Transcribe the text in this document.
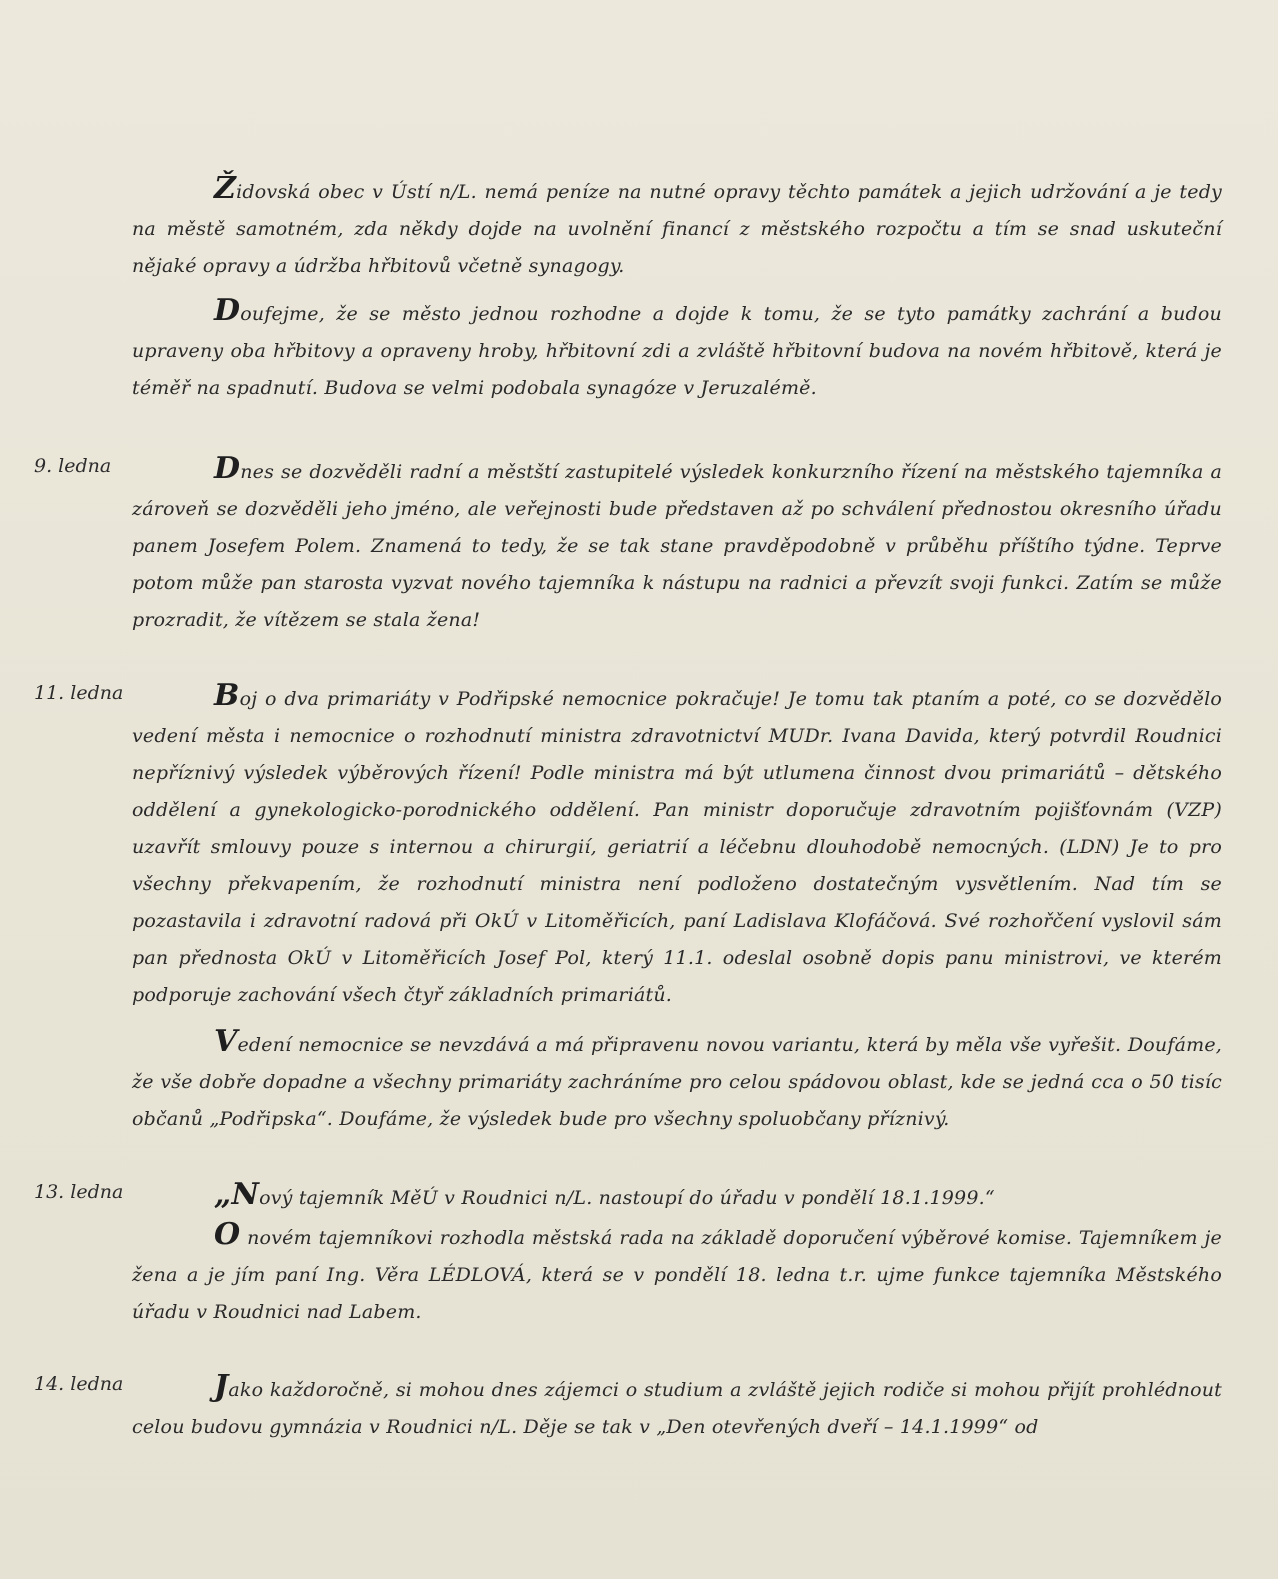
Židovská obec v Ústí n/L. nemá peníze na nutné opravy těchto památek a jejich udržování a je tedy na městě samotném, zda někdy dojde na uvolnění financí z městského rozpočtu a tím se snad uskuteční nějaké opravy a údržba hřbitovů včetně synagogy.

Doufejme, že se město jednou rozhodne a dojde k tomu, že se tyto památky zachrání a budou upraveny oba hřbitovy a opraveny hroby, hřbitovní zdi a zvláště hřbitovní budova na novém hřbitově, která je téměř na spadnutí. Budova se velmi podobala synagóze v Jeruzalémě.

9. ledna	Dnes se dozvěděli radní a městští zastupitelé výsledek konkurzního řízení na městského tajemníka a zároveň se dozvěděli jeho jméno, ale veřejnosti bude představen až po schválení přednostou okresního úřadu panem Josefem Polem. Znamená to tedy, že se tak stane pravděpodobně v průběhu příštího týdne. Teprve potom může pan starosta vyzvat nového tajemníka k nástupu na radnici a převzít svoji funkci. Zatím se může prozradit, že vítězem se stala žena!

11. ledna	Boj o dva primariáty v Podřipské nemocnice pokračuje! Je tomu tak ptaním a poté, co se dozvědělo vedení města i nemocnice o rozhodnutí ministra zdravotnictví MUDr. Ivana Davida, který potvrdil Roudnici nepříznivý výsledek výběrových řízení! Podle ministra má být utlumena činnost dvou primariátů – dětského oddělení a gynekologicko-porodnického oddělení. Pan ministr doporučuje zdravotním pojišťovnám (VZP) uzavřít smlouvy pouze s internou a chirurgií, geriatrií a léčebnu dlouhodobě nemocných. (LDN) Je to pro všechny překvapením, že rozhodnutí ministra není podloženo dostatečným vysvětlením. Nad tím se pozastavila i zdravotní radová při OkÚ v Litoměřicích, paní Ladislava Klofáčová. Své rozhořčení vyslovil sám pan přednosta OkÚ v Litoměřicích Josef Pol, který 11.1. odeslal osobně dopis panu ministrovi, ve kterém podporuje zachování všech čtyř základních primariátů.

Vedení nemocnice se nevzdává a má připravenu novou variantu, která by měla vše vyřešit. Doufáme, že vše dobře dopadne a všechny primariáty zachráníme pro celou spádovou oblast, kde se jedná cca o 50 tisíc občanů „Podřipska“. Doufáme, že výsledek bude pro všechny spoluobčany příznivý.

13. ledna	„Nový tajemník MěÚ v Roudnici n/L. nastoupí do úřadu v pondělí 18.1.1999.“

O novém tajemníkovi rozhodla městská rada na základě doporučení výběrové komise. Tajemníkem je žena a je jím paní Ing. Věra LÉDLOVÁ, která se v pondělí 18. ledna t.r. ujme funkce tajemníka Městského úřadu v Roudnici nad Labem.

14. ledna	Jako každoročně, si mohou dnes zájemci o studium a zvláště jejich rodiče si mohou přijít prohlédnout celou budovu gymnázia v Roudnici n/L. Děje se tak v „Den otevřených dveří – 14.1.1999“ od
